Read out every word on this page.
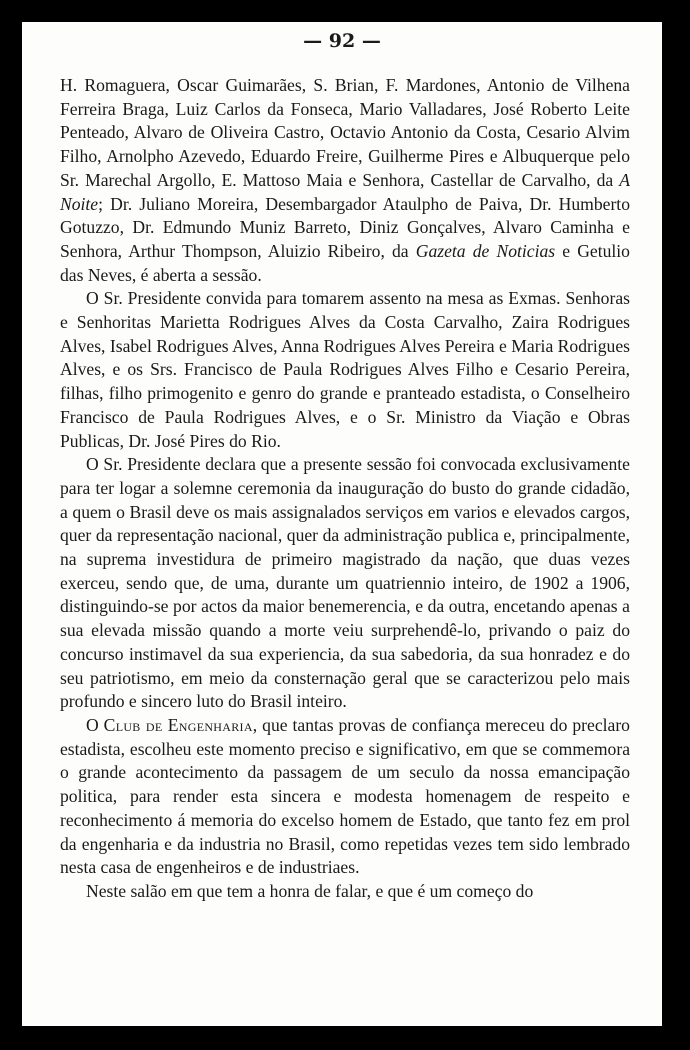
— 92 —

H. Romaguera, Oscar Guimarães, S. Brian, F. Mardones, Antonio de Vilhena Ferreira Braga, Luiz Carlos da Fonseca, Mario Valladares, José Roberto Leite Penteado, Alvaro de Oliveira Castro, Octavio Antonio da Costa, Cesario Alvim Filho, Arnolpho Azevedo, Eduardo Freire, Guilherme Pires e Albuquerque pelo Sr. Marechal Argollo, E. Mattoso Maia e Senhora, Castellar de Carvalho, da A Noite; Dr. Juliano Moreira, Desembargador Ataulpho de Paiva, Dr. Humberto Gotuzzo, Dr. Edmundo Muniz Barreto, Diniz Gonçalves, Alvaro Caminha e Senhora, Arthur Thompson, Aluizio Ribeiro, da Gazeta de Noticias e Getulio das Neves, é aberta a sessão.

O Sr. Presidente convida para tomarem assento na mesa as Exmas. Senhoras e Senhoritas Marietta Rodrigues Alves da Costa Carvalho, Zaira Rodrigues Alves, Isabel Rodrigues Alves, Anna Rodrigues Alves Pereira e Maria Rodrigues Alves, e os Srs. Francisco de Paula Rodrigues Alves Filho e Cesario Pereira, filhas, filho primogenito e genro do grande e pranteado estadista, o Conselheiro Francisco de Paula Rodrigues Alves, e o Sr. Ministro da Viação e Obras Publicas, Dr. José Pires do Rio.

O Sr. Presidente declara que a presente sessão foi convocada exclusivamente para ter logar a solemne ceremonia da inauguração do busto do grande cidadão, a quem o Brasil deve os mais assignalados serviços em varios e elevados cargos, quer da representação nacional, quer da administração publica e, principalmente, na suprema investidura de primeiro magistrado da nação, que duas vezes exerceu, sendo que, de uma, durante um quatriennio inteiro, de 1902 a 1906, distinguindo-se por actos da maior benemerencia, e da outra, encetando apenas a sua elevada missão quando a morte veiu surprehendê-lo, privando o paiz do concurso instimavel da sua experiencia, da sua sabedoria, da sua honradez e do seu patriotismo, em meio da consternação geral que se caracterizou pelo mais profundo e sincero luto do Brasil inteiro.

O Club de Engenharia, que tantas provas de confiança mereceu do preclaro estadista, escolheu este momento preciso e significativo, em que se commemora o grande acontecimento da passagem de um seculo da nossa emancipação politica, para render esta sincera e modesta homenagem de respeito e reconhecimento á memoria do excelso homem de Estado, que tanto fez em prol da engenharia e da industria no Brasil, como repetidas vezes tem sido lembrado nesta casa de engenheiros e de industriaes.

Neste salão em que tem a honra de falar, e que é um começo do
